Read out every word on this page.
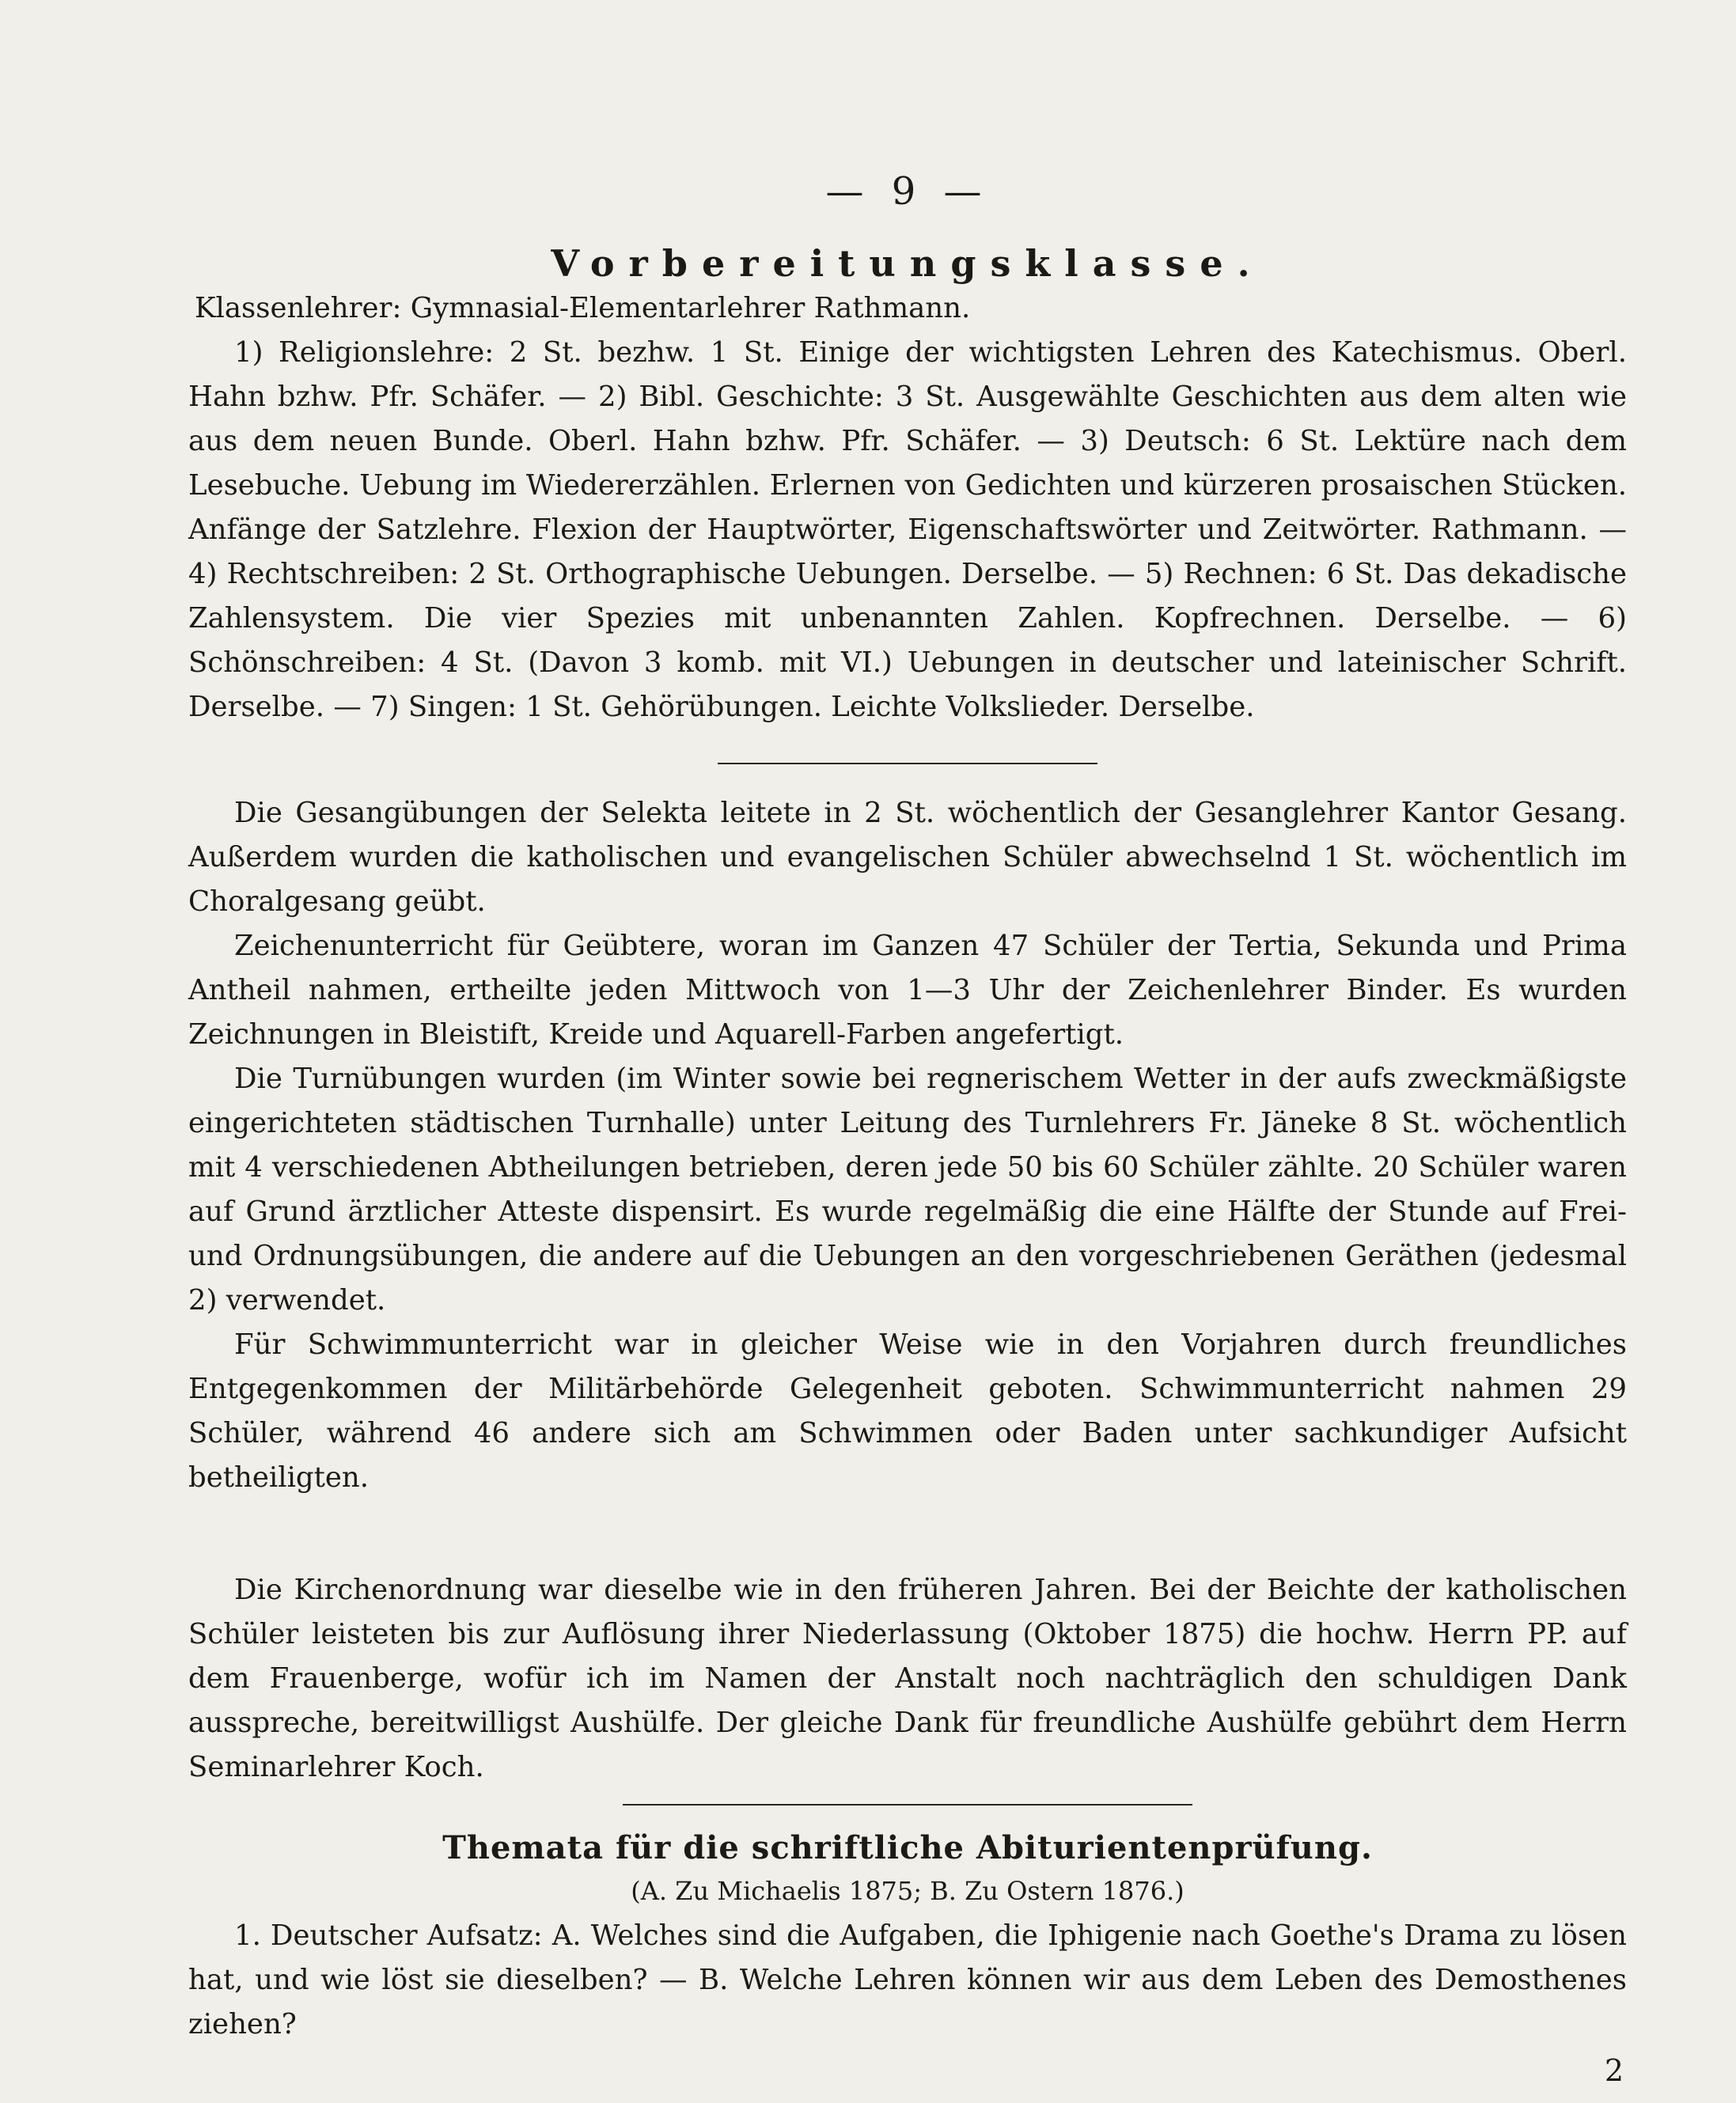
— 9 —
Vorbereitungsklasse.

Klassenlehrer: Gymnasial-Elementarlehrer Rathmann.

1) Religionslehre: 2 St. bezhw. 1 St. Einige der wichtigsten Lehren des Katechismus. Oberl. Hahn bzhw. Pfr. Schäfer. — 2) Bibl. Geschichte: 3 St. Ausgewählte Geschichten aus dem alten wie aus dem neuen Bunde. Oberl. Hahn bzhw. Pfr. Schäfer. — 3) Deutsch: 6 St. Lektüre nach dem Lesebuche. Uebung im Wiedererzählen. Erlernen von Gedichten und kürzeren prosaischen Stücken. Anfänge der Satzlehre. Flexion der Hauptwörter, Eigenschaftswörter und Zeitwörter. Rathmann. — 4) Rechtschreiben: 2 St. Orthographische Uebungen. Derselbe. — 5) Rechnen: 6 St. Das dekadische Zahlensystem. Die vier Spezies mit unbenannten Zahlen. Kopfrechnen. Derselbe. — 6) Schönschreiben: 4 St. (Davon 3 komb. mit VI.) Uebungen in deutscher und lateinischer Schrift. Derselbe. — 7) Singen: 1 St. Gehörübungen. Leichte Volkslieder. Derselbe.

Die Gesangübungen der Selekta leitete in 2 St. wöchentlich der Gesanglehrer Kantor Gesang. Außerdem wurden die katholischen und evangelischen Schüler abwechselnd 1 St. wöchentlich im Choralgesang geübt.

Zeichenunterricht für Geübtere, woran im Ganzen 47 Schüler der Tertia, Sekunda und Prima Antheil nahmen, ertheilte jeden Mittwoch von 1—3 Uhr der Zeichenlehrer Binder. Es wurden Zeichnungen in Bleistift, Kreide und Aquarell-Farben angefertigt.

Die Turnübungen wurden (im Winter sowie bei regnerischem Wetter in der aufs zweckmäßigste eingerichteten städtischen Turnhalle) unter Leitung des Turnlehrers Fr. Jäneke 8 St. wöchentlich mit 4 verschiedenen Abtheilungen betrieben, deren jede 50 bis 60 Schüler zählte. 20 Schüler waren auf Grund ärztlicher Atteste dispensirt. Es wurde regelmäßig die eine Hälfte der Stunde auf Frei- und Ordnungsübungen, die andere auf die Uebungen an den vorgeschriebenen Geräthen (jedesmal 2) verwendet.

Für Schwimmunterricht war in gleicher Weise wie in den Vorjahren durch freundliches Entgegenkommen der Militärbehörde Gelegenheit geboten. Schwimmunterricht nahmen 29 Schüler, während 46 andere sich am Schwimmen oder Baden unter sachkundiger Aufsicht betheiligten.

Die Kirchenordnung war dieselbe wie in den früheren Jahren. Bei der Beichte der katholischen Schüler leisteten bis zur Auflösung ihrer Niederlassung (Oktober 1875) die hochw. Herrn PP. auf dem Frauenberge, wofür ich im Namen der Anstalt noch nachträglich den schuldigen Dank ausspreche, bereitwilligst Aushülfe. Der gleiche Dank für freundliche Aushülfe gebührt dem Herrn Seminarlehrer Koch.

Themata für die schriftliche Abiturientenprüfung.
(A. Zu Michaelis 1875; B. Zu Ostern 1876.)

1. Deutscher Aufsatz: A. Welches sind die Aufgaben, die Iphigenie nach Goethe's Drama zu lösen hat, und wie löst sie dieselben? — B. Welche Lehren können wir aus dem Leben des Demosthenes ziehen?

2
